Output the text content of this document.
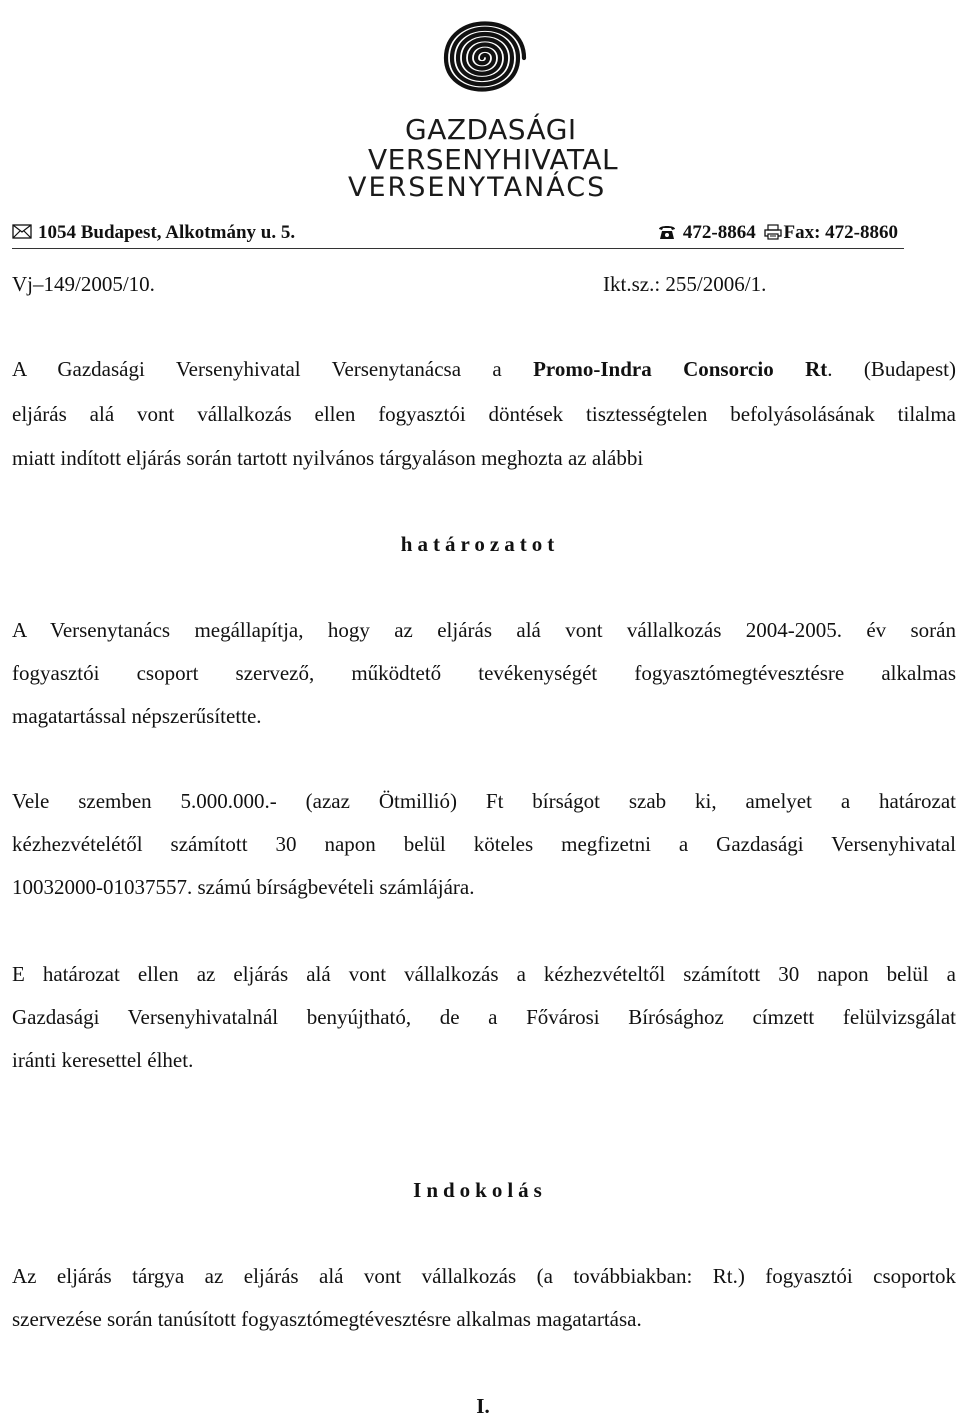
GAZDASÁGI
VERSENYHIVATAL
VERSENYTANÁCS
1054 Budapest, Alkotmány u. 5.	472-8864 Fax: 472-8860
Vj–149/2005/10.	Ikt.sz.: 255/2006/1.
A Gazdasági Versenyhivatal Versenytanácsa a Promo-Indra Consorcio Rt. (Budapest)
eljárás alá vont vállalkozás ellen fogyasztói döntések tisztességtelen befolyásolásának tilalma
miatt indított eljárás során tartott nyilvános tárgyaláson meghozta az alábbi
határozatot
A Versenytanács megállapítja, hogy az eljárás alá vont vállalkozás 2004-2005. év során
fogyasztói csoport szervező, működtető tevékenységét fogyasztómegtévesztésre alkalmas
magatartással népszerűsítette.
Vele szemben 5.000.000.- (azaz Ötmillió) Ft bírságot szab ki, amelyet a határozat
kézhezvételétől számított 30 napon belül köteles megfizetni a Gazdasági Versenyhivatal
10032000-01037557. számú bírságbevételi számlájára.
E határozat ellen az eljárás alá vont vállalkozás a kézhezvételtől számított 30 napon belül a
Gazdasági Versenyhivatalnál benyújtható, de a Fővárosi Bírósághoz címzett felülvizsgálat
iránti keresettel élhet.
Indokolás
Az eljárás tárgya az eljárás alá vont vállalkozás (a továbbiakban: Rt.) fogyasztói csoportok
szervezése során tanúsított fogyasztómegtévesztésre alkalmas magatartása.
I.
